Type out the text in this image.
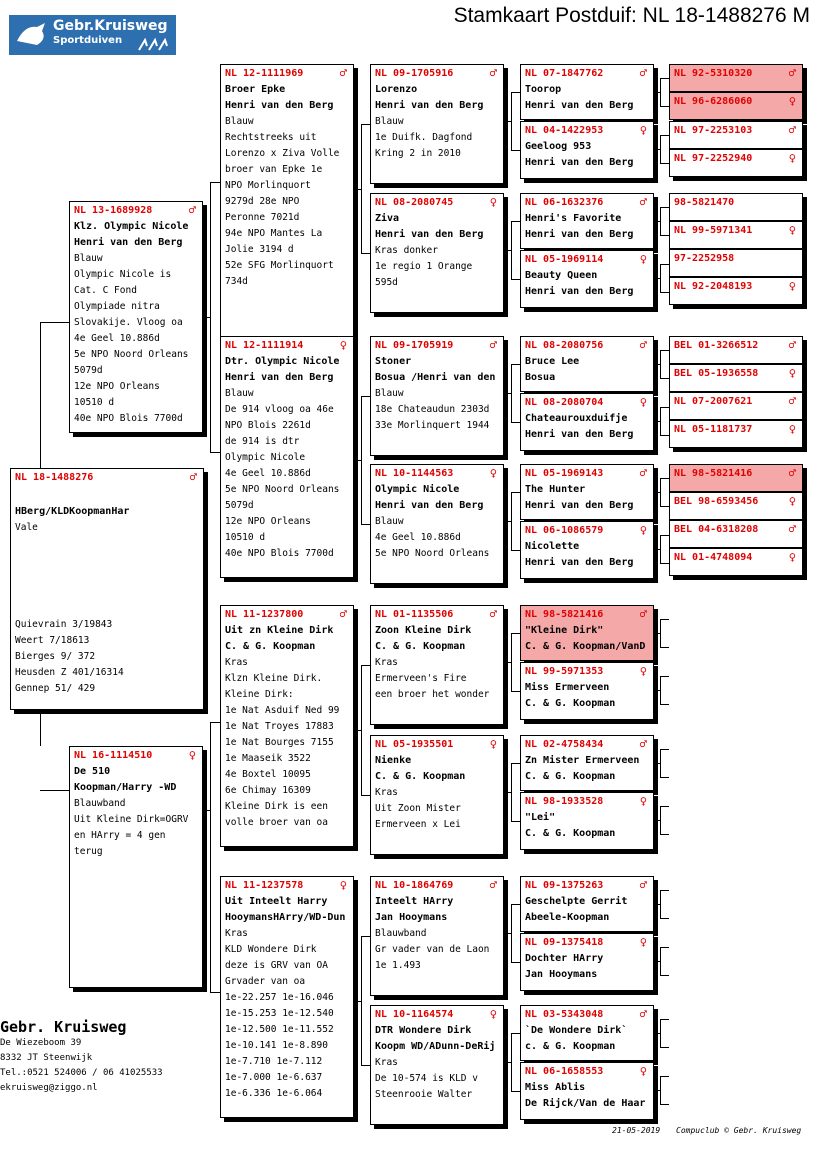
Gebr.Kruisweg
Sportduiven
Stamkaart Postduif: NL 18-1488276 M
NL 18-1488276	♂
HBerg/KLDKoopmanHar
Vale
Quievrain 3/19843
Weert 7/18613
Bierges 9/ 372
Heusden Z 401/16314
Gennep 51/ 429
NL 13-1689928	♂
Klz. Olympic Nicole
Henri van den Berg
Blauw
Olympic Nicole is
Cat. C Fond
Olympiade nitra
Slovakije. Vloog oa
4e Geel 10.886d
5e NPO Noord Orleans
5079d
12e NPO Orleans
10510 d
40e NPO Blois 7700d
NL 16-1114510	♀
De 510
Koopman/Harry -WD
Blauwband
Uit Kleine Dirk=OGRV
en HArry = 4 gen
terug
NL 12-1111969	♂
Broer Epke
Henri van den Berg
Blauw
Rechtstreeks uit
Lorenzo x Ziva Volle
broer van Epke 1e
NPO Morlinquort
9279d 28e NPO
Peronne 7021d
94e NPO Mantes La
Jolie 3194 d
52e SFG Morlinquort
734d
NL 12-1111914	♀
Dtr. Olympic Nicole
Henri van den Berg
Blauw
De 914 vloog oa 46e
NPO Blois 2261d
de 914 is dtr
Olympic Nicole
4e Geel 10.886d
5e NPO Noord Orleans
5079d
12e NPO Orleans
10510 d
40e NPO Blois 7700d
NL 11-1237800	♂
Uit zn Kleine Dirk
C. & G. Koopman
Kras
Klzn Kleine Dirk.
Kleine Dirk:
1e Nat Asduif Ned 99
1e Nat Troyes 17883
1e Nat Bourges 7155
1e Maaseik 3522
4e Boxtel 10095
6e Chimay 16309
Kleine Dirk is een
volle broer van oa
NL 11-1237578	♀
Uit Inteelt Harry
HooymansHArry/WD-Dun
Kras
KLD Wondere Dirk
deze is GRV van OA
Grvader van oa
1e-22.257 1e-16.046
1e-15.253 1e-12.540
1e-12.500 1e-11.552
1e-10.141 1e-8.890
1e-7.710 1e-7.112
1e-7.000 1e-6.637
1e-6.336 1e-6.064
NL 09-1705916	♂
Lorenzo
Henri van den Berg
Blauw
1e Duifk. Dagfond
Kring 2 in 2010
NL 08-2080745	♀
Ziva
Henri van den Berg
Kras donker
1e regio 1 Orange
595d
NL 09-1705919	♂
Stoner
Bosua /Henri van den
Blauw
18e Chateaudun 2303d
33e Morlinquert 1944
NL 10-1144563	♀
Olympic Nicole
Henri van den Berg
Blauw
4e Geel 10.886d
5e NPO Noord Orleans
NL 01-1135506	♂
Zoon Kleine Dirk
C. & G. Koopman
Kras
Ermerveen's Fire
een broer het wonder
NL 05-1935501	♀
Nienke
C. & G. Koopman
Kras
Uit Zoon Mister
Ermerveen x Lei
NL 10-1864769	♂
Inteelt HArry
Jan Hooymans
Blauwband
Gr vader van de Laon
1e 1.493
NL 10-1164574	♀
DTR Wondere Dirk
Koopm WD/ADunn-DeRij
Kras
De 10-574 is KLD v
Steenrooie Walter
NL 07-1847762	♂
Toorop
Henri van den Berg
NL 04-1422953	♀
Geeloog 953
Henri van den Berg
NL 06-1632376	♂
Henri's Favorite
Henri van den Berg
NL 05-1969114	♀
Beauty Queen
Henri van den Berg
NL 08-2080756	♂
Bruce Lee
Bosua
NL 08-2080704	♀
Chateaurouxduifje
Henri van den Berg
NL 05-1969143	♂
The Hunter
Henri van den Berg
NL 06-1086579	♀
Nicolette
Henri van den Berg
NL 98-5821416	♂
"Kleine Dirk"
C. & G. Koopman/VanD
NL 99-5971353	♀
Miss Ermerveen
C. & G. Koopman
NL 02-4758434	♂
Zn Mister Ermerveen
C. & G. Koopman
NL 98-1933528	♀
"Lei"
C. & G. Koopman
NL 09-1375263	♂
Geschelpte Gerrit
Abeele-Koopman
NL 09-1375418	♀
Dochter HArry
Jan Hooymans
NL 03-5343048	♂
`De Wondere Dirk`
c. & G. Koopman
NL 06-1658553	♀
Miss Ablis
De Rijck/Van de Haar
NL 92-5310320	♂
NL 96-6286060	♀
NL 97-2253103	♂
NL 97-2252940	♀
98-5821470
NL 99-5971341	♀
97-2252958
NL 92-2048193	♀
BEL 01-3266512	♂
BEL 05-1936558	♀
NL 07-2007621	♂
NL 05-1181737	♀
NL 98-5821416	♂
BEL 98-6593456	♀
BEL 04-6318208	♂
NL 01-4748094	♀
Gebr. Kruisweg
De Wiezeboom 39
8332 JT Steenwijk
Tel.:0521 524006 / 06 41025533
ekruisweg@ziggo.nl
21-05-2019 Compuclub © Gebr. Kruisweg
